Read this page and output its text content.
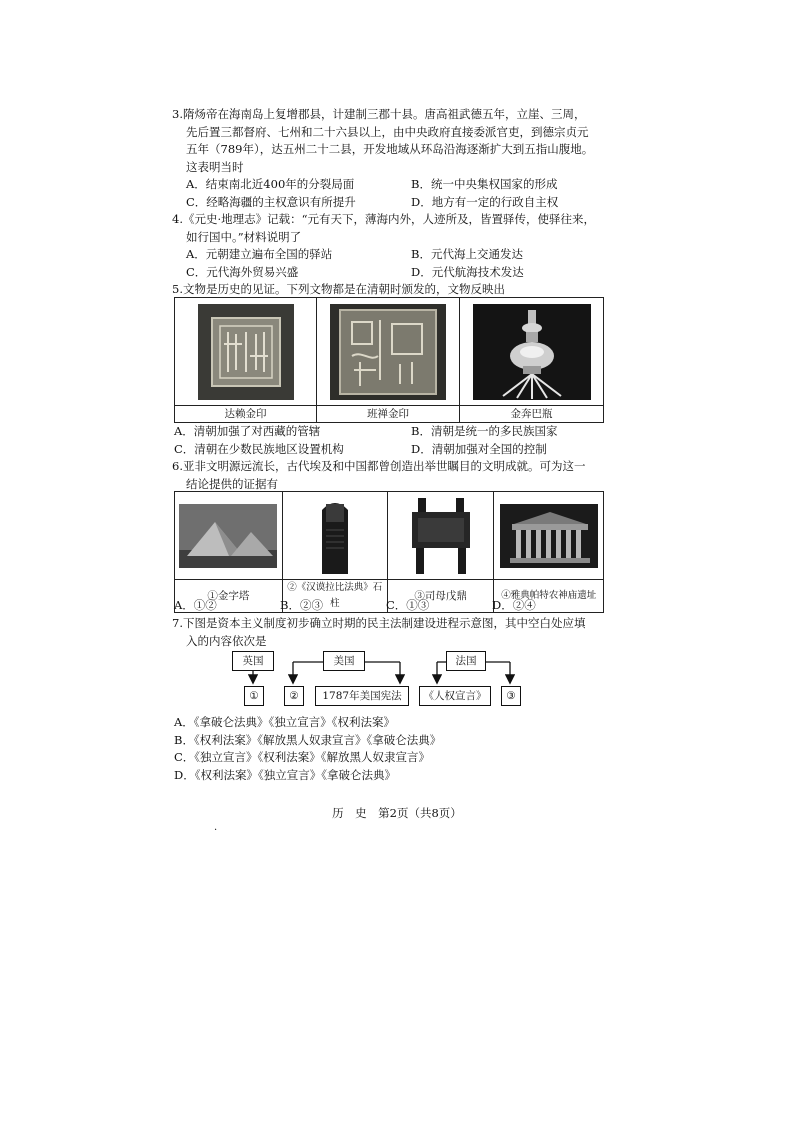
3.隋炀帝在海南岛上复增郡县，计建制三郡十县。唐高祖武德五年，立崖、三周，
先后置三都督府、七州和二十六县以上，由中央政府直接委派官吏，到德宗贞元
五年（789年），达五州二十二县，开发地域从环岛沿海逐渐扩大到五指山腹地。
这表明当时
A．结束南北近400年的分裂局面	B．统一中央集权国家的形成
C．经略海疆的主权意识有所提升	D．地方有一定的行政自主权
4.《元史·地理志》记载：“元有天下，薄海内外，人迹所及，皆置驿传，使驿往来，
如行国中。”材料说明了
A．元朝建立遍布全国的驿站	B．元代海上交通发达
C．元代海外贸易兴盛	D．元代航海技术发达
5.文物是历史的见证。下列文物都是在清朝时颁发的，文物反映出

达赖金印	班禅金印	金奔巴瓶
A．清朝加强了对西藏的管辖	B．清朝是统一的多民族国家
C．清朝在少数民族地区设置机构	D．清朝加强对全国的控制
6.亚非文明源远流长，古代埃及和中国都曾创造出举世瞩目的文明成就。可为这一
结论提供的证据有

①金字塔	②《汉谟拉比法典》石柱	③司母戊鼎	④雅典帕特农神庙遗址
A．①②	B．②③	C．①③	D．②④
7.下图是资本主义制度初步确立时期的民主法制建设进程示意图，其中空白处应填
入的内容依次是
英国	美国	法国
①	②	1787年美国宪法	《人权宣言》	③
A．《拿破仑法典》《独立宣言》《权利法案》
B．《权利法案》《解放黑人奴隶宣言》《拿破仑法典》
C．《独立宣言》《权利法案》《解放黑人奴隶宣言》
D．《权利法案》《独立宣言》《拿破仑法典》
历　史　第2页（共8页）
.
